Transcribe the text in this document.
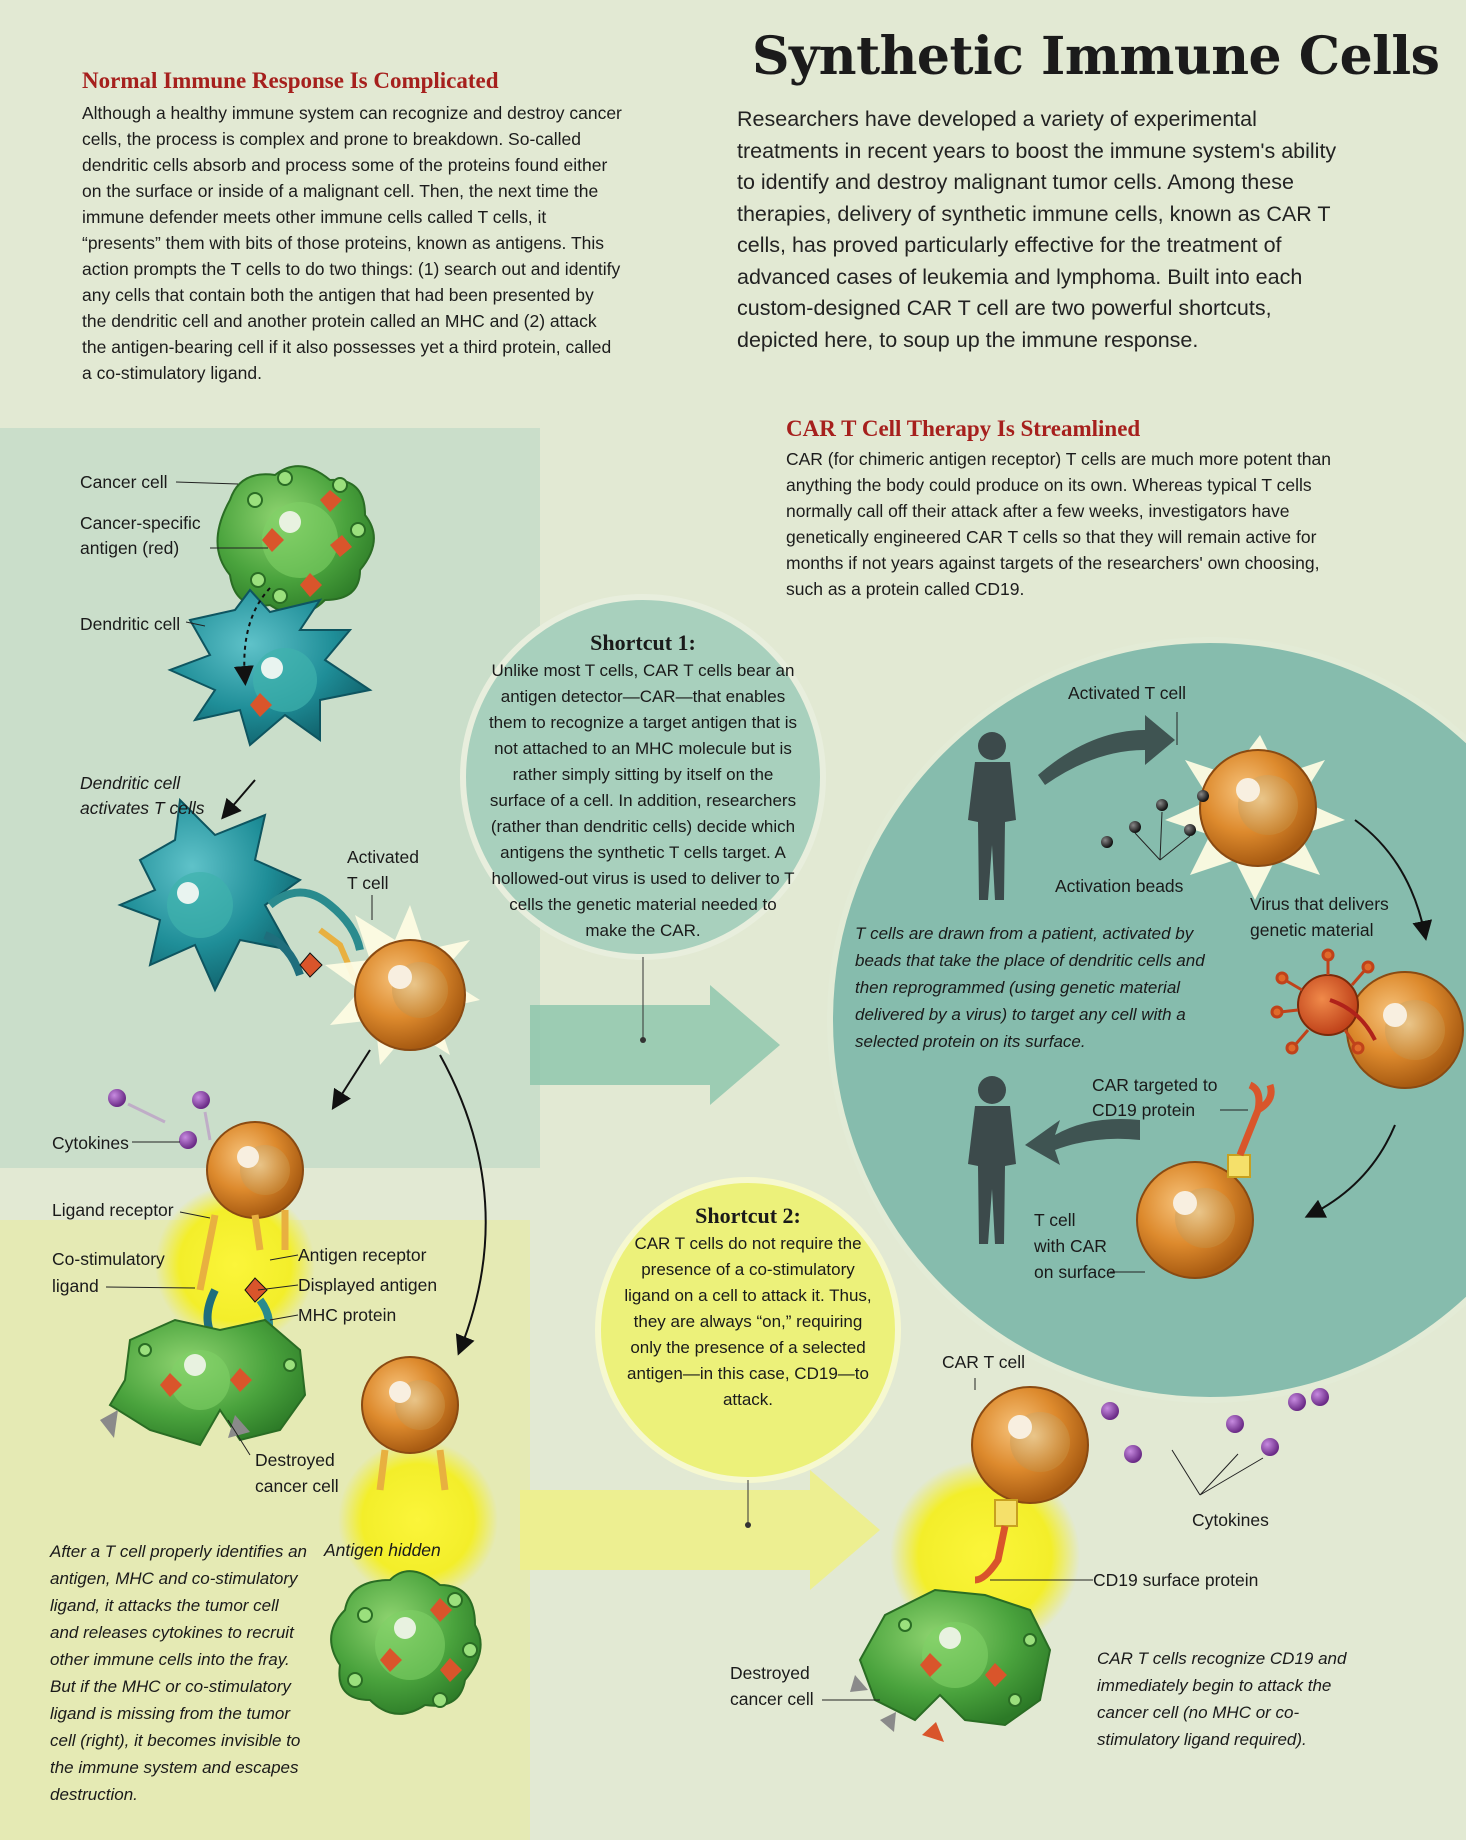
Synthetic Immune Cells
Researchers have developed a variety of experimental treatments in recent years to boost the immune system's ability to identify and destroy malignant tumor cells. Among these therapies, delivery of synthetic immune cells, known as CAR T cells, has proved particularly effective for the treatment of advanced cases of leukemia and lymphoma. Built into each custom-designed CAR T cell are two powerful shortcuts, depicted here, to soup up the immune response.
Normal Immune Response Is Complicated
Although a healthy immune system can recognize and destroy cancer cells, the process is complex and prone to breakdown. So-called dendritic cells absorb and process some of the proteins found either on the surface or inside of a malignant cell. Then, the next time the immune defender meets other immune cells called T cells, it “presents” them with bits of those proteins, known as antigens. This action prompts the T cells to do two things: (1) search out and identify any cells that contain both the antigen that had been presented by the dendritic cell and another protein called an MHC and (2) attack the antigen-bearing cell if it also possesses yet a third protein, called a co-stimulatory ligand.
CAR T Cell Therapy Is Streamlined
CAR (for chimeric antigen receptor) T cells are much more potent than anything the body could produce on its own. Whereas typical T cells normally call off their attack after a few weeks, investigators have genetically engineered CAR T cells so that they will remain active for months if not years against targets of the researchers' own choosing, such as a protein called CD19.
Shortcut 1:
Unlike most T cells, CAR T cells bear an antigen detector—CAR—that enables them to recognize a target antigen that is not attached to an MHC molecule but is rather simply sitting by itself on the surface of a cell. In addition, researchers (rather than dendritic cells) decide which antigens the synthetic T cells target. A hollowed-out virus is used to deliver to T cells the genetic material needed to make the CAR.
Shortcut 2:
CAR T cells do not require the presence of a co-stimulatory ligand on a cell to attack it. Thus, they are always “on,” requiring only the presence of a selected antigen—in this case, CD19—to attack.
Cancer cell
Cancer-specific
antigen (red)
Dendritic cell
Dendritic cell
activates T cells
Activated
T cell
Cytokines
Ligand receptor
Co-stimulatory
ligand
Antigen receptor
Displayed antigen
MHC protein
Destroyed
cancer cell
Antigen hidden
Activated T cell
Activation beads
Virus that delivers
genetic material
CAR targeted to
CD19 protein
T cell
with CAR
on surface
CAR T cell
Cytokines
CD19 surface protein
Destroyed
cancer cell
After a T cell properly identifies an antigen, MHC and co-stimulatory ligand, it attacks the tumor cell and releases cytokines to recruit other immune cells into the fray. But if the MHC or co-stimulatory ligand is missing from the tumor cell (right), it becomes invisible to the immune system and escapes destruction.
T cells are drawn from a patient, activated by beads that take the place of dendritic cells and then reprogrammed (using genetic material delivered by a virus) to target any cell with a selected protein on its surface.
CAR T cells recognize CD19 and immediately begin to attack the cancer cell (no MHC or co-stimulatory ligand required).
